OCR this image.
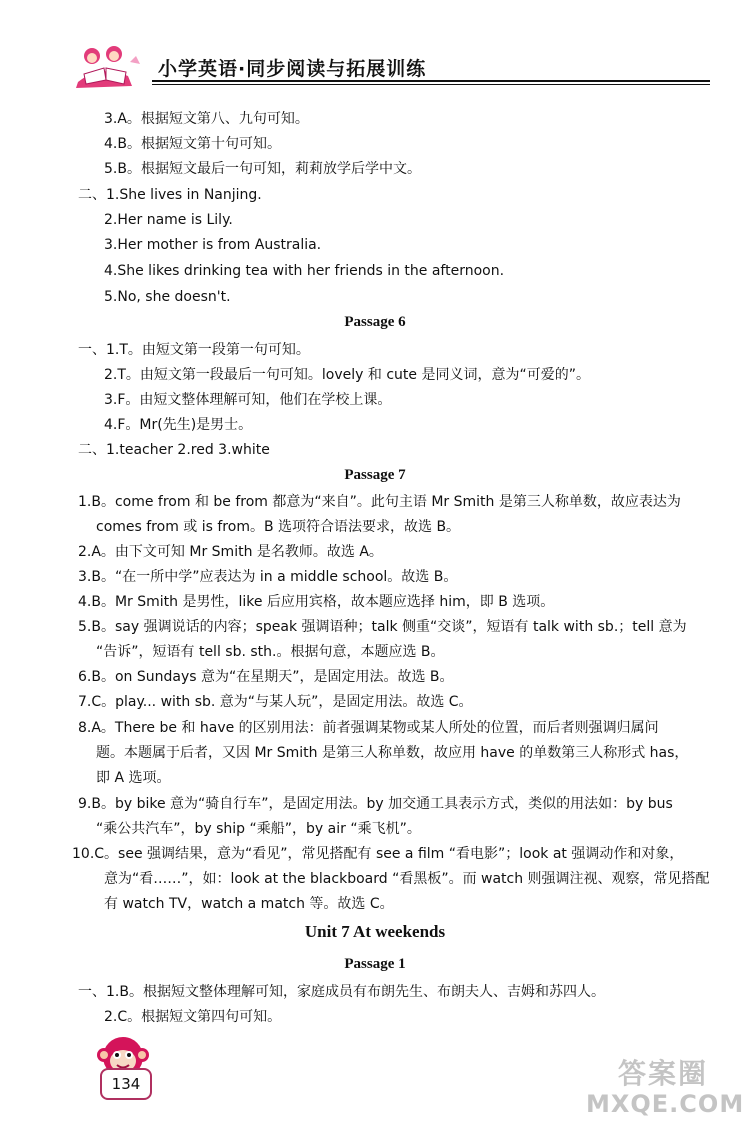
小学英语·同步阅读与拓展训练
3.A。根据短文第八、九句可知。
4.B。根据短文第十句可知。
5.B。根据短文最后一句可知，莉莉放学后学中文。
二、1.She lives in Nanjing.
2.Her name is Lily.
3.Her mother is from Australia.
4.She likes drinking tea with her friends in the afternoon.
5.No, she doesn't.
Passage 6
一、1.T。由短文第一段第一句可知。
2.T。由短文第一段最后一句可知。lovely 和 cute 是同义词，意为“可爱的”。
3.F。由短文整体理解可知，他们在学校上课。
4.F。Mr(先生)是男士。
二、1.teacher 2.red 3.white
Passage 7
1.B。come from 和 be from 都意为“来自”。此句主语 Mr Smith 是第三人称单数，故应表达为
comes from 或 is from。B 选项符合语法要求，故选 B。
2.A。由下文可知 Mr Smith 是名教师。故选 A。
3.B。“在一所中学”应表达为 in a middle school。故选 B。
4.B。Mr Smith 是男性，like 后应用宾格，故本题应选择 him，即 B 选项。
5.B。say 强调说话的内容；speak 强调语种；talk 侧重“交谈”，短语有 talk with sb.；tell 意为
“告诉”，短语有 tell sb. sth.。根据句意，本题应选 B。
6.B。on Sundays 意为“在星期天”，是固定用法。故选 B。
7.C。play... with sb. 意为“与某人玩”，是固定用法。故选 C。
8.A。There be 和 have 的区别用法：前者强调某物或某人所处的位置，而后者则强调归属问
题。本题属于后者，又因 Mr Smith 是第三人称单数，故应用 have 的单数第三人称形式 has，
即 A 选项。
9.B。by bike 意为“骑自行车”，是固定用法。by 加交通工具表示方式，类似的用法如：by bus
“乘公共汽车”，by ship “乘船”，by air “乘飞机”。
10.C。see 强调结果，意为“看见”，常见搭配有 see a film “看电影”；look at 强调动作和对象，
意为“看……”，如：look at the blackboard “看黑板”。而 watch 则强调注视、观察，常见搭配
有 watch TV，watch a match 等。故选 C。
Unit 7 At weekends
Passage 1
一、1.B。根据短文整体理解可知，家庭成员有布朗先生、布朗夫人、吉姆和苏四人。
2.C。根据短文第四句可知。
134	答案圈
MXQE.COM
